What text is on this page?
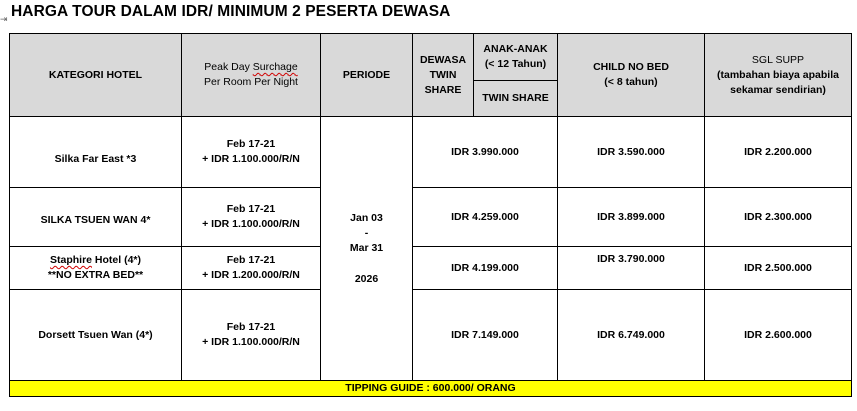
⇥ HARGA TOUR DALAM IDR/ MINIMUM 2 PESERTA DEWASA
KATEGORI HOTEL	Peak Day Surchage
Per Room Per Night	PERIODE	DEWASA
TWIN
SHARE	ANAK-ANAK
(< 12 Tahun)	CHILD NO BED
(< 8 tahun)	SGL SUPP
(tambahan biaya apabila
sekamar sendirian)

				TWIN SHARE		

Silka Far East *3	Feb 17-21
+ IDR 1.100.000/R/N	Jan 03
-
Mar 31
2026	IDR 3.990.000		IDR 3.590.000	IDR 2.200.000

SILKA TSUEN WAN 4*	Feb 17-21
+ IDR 1.100.000/R/N		IDR 4.259.000		IDR 3.899.000	IDR 2.300.000

Staphire Hotel (4*)
**NO EXTRA BED**	Feb 17-21
+ IDR 1.200.000/R/N		IDR 4.199.000		IDR 3.790.000	IDR 2.500.000
Dorsett Tsuen Wan (4*)	Feb 17-21
+ IDR 1.100.000/R/N		IDR 7.149.000		IDR 6.749.000	IDR 2.600.000
TIPPING GUIDE : 600.000/ ORANG						
